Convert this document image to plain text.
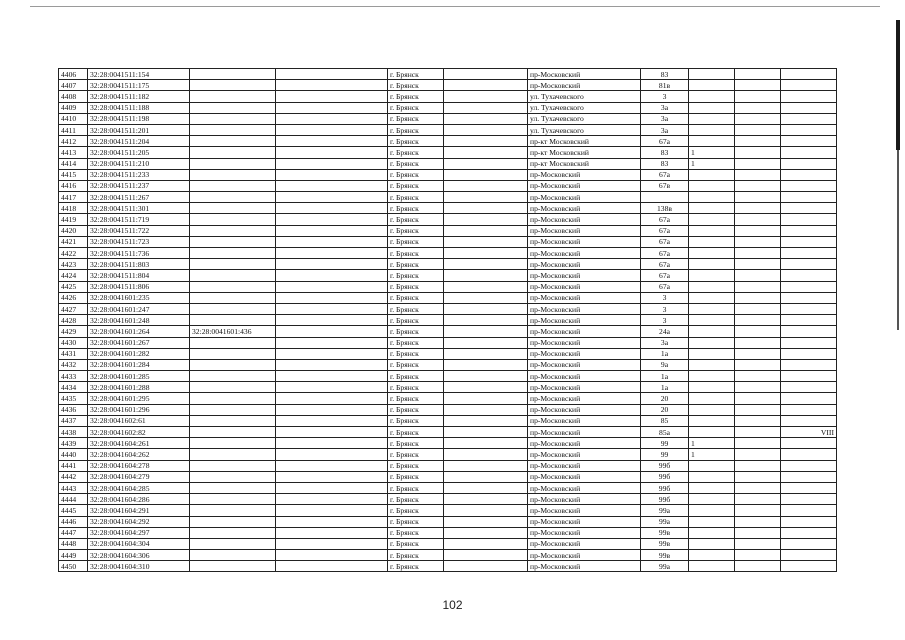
4406	32:28:0041511:154			г. Брянск		пр-Московский	83			
4407	32:28:0041511:175			г. Брянск		пр-Московский	81в			
4408	32:28:0041511:182			г. Брянск		ул. Тухачевского	3			
4409	32:28:0041511:188			г. Брянск		ул. Тухачевского	3а			
4410	32:28:0041511:198			г. Брянск		ул. Тухачевского	3а			
4411	32:28:0041511:201			г. Брянск		ул. Тухачевского	3а			
4412	32:28:0041511:204			г. Брянск		пр-кт Московский	67а			
4413	32:28:0041511:205			г. Брянск		пр-кт Московский	83	1		
4414	32:28:0041511:210			г. Брянск		пр-кт Московский	83	1		
4415	32:28:0041511:233			г. Брянск		пр-Московский	67а			
4416	32:28:0041511:237			г. Брянск		пр-Московский	67в			
4417	32:28:0041511:267			г. Брянск		пр-Московский				
4418	32:28:0041511:301			г. Брянск		пр-Московский	138в			
4419	32:28:0041511:719			г. Брянск		пр-Московский	67а			
4420	32:28:0041511:722			г. Брянск		пр-Московский	67а			
4421	32:28:0041511:723			г. Брянск		пр-Московский	67а			
4422	32:28:0041511:736			г. Брянск		пр-Московский	67а			
4423	32:28:0041511:803			г. Брянск		пр-Московский	67а			
4424	32:28:0041511:804			г. Брянск		пр-Московский	67а			
4425	32:28:0041511:806			г. Брянск		пр-Московский	67а			
4426	32:28:0041601:235			г. Брянск		пр-Московский	3			
4427	32:28:0041601:247			г. Брянск		пр-Московский	3			
4428	32:28:0041601:248			г. Брянск		пр-Московский	3			
4429	32:28:0041601:264	32:28:0041601:436		г. Брянск		пр-Московский	24а			
4430	32:28:0041601:267			г. Брянск		пр-Московский	3а			
4431	32:28:0041601:282			г. Брянск		пр-Московский	1а			
4432	32:28:0041601:284			г. Брянск		пр-Московский	9а			
4433	32:28:0041601:285			г. Брянск		пр-Московский	1а			
4434	32:28:0041601:288			г. Брянск		пр-Московский	1а			
4435	32:28:0041601:295			г. Брянск		пр-Московский	20			
4436	32:28:0041601:296			г. Брянск		пр-Московский	20			
4437	32:28:0041602:61			г. Брянск		пр-Московский	85			
4438	32:28:0041602:82			г. Брянск		пр-Московский	85а			VIII
4439	32:28:0041604:261			г. Брянск		пр-Московский	99	1		
4440	32:28:0041604:262			г. Брянск		пр-Московский	99	1		
4441	32:28:0041604:278			г. Брянск		пр-Московский	99б			
4442	32:28:0041604:279			г. Брянск		пр-Московский	99б			
4443	32:28:0041604:285			г. Брянск		пр-Московский	99б			
4444	32:28:0041604:286			г. Брянск		пр-Московский	99б			
4445	32:28:0041604:291			г. Брянск		пр-Московский	99а			
4446	32:28:0041604:292			г. Брянск		пр-Московский	99а			
4447	32:28:0041604:297			г. Брянск		пр-Московский	99в			
4448	32:28:0041604:304			г. Брянск		пр-Московский	99в			
4449	32:28:0041604:306			г. Брянск		пр-Московский	99в			
4450	32:28:0041604:310			г. Брянск		пр-Московский	99а			
102
